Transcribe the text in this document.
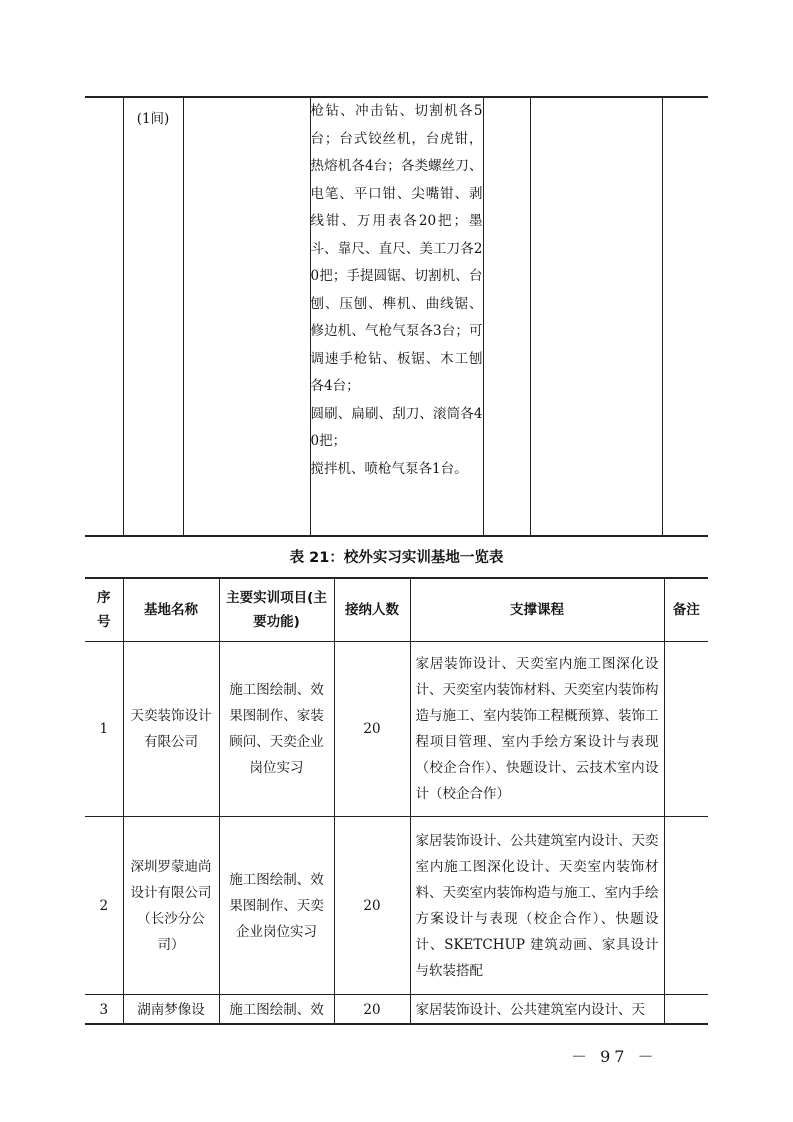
	(1间)		枪钻、冲击钻、切割机各5台；台式铰丝机，台虎钳，热熔机各4台；各类螺丝刀、电笔、平口钳、尖嘴钳、剥线钳、万用表各20把；墨斗、靠尺、直尺、美工刀各20把；手提圆锯、切割机、台刨、压刨、榫机、曲线锯、修边机、气枪气泵各3台；可调速手枪钻、板锯、木工刨各4台；

圆刷、扁刷、刮刀、滚筒各40把；

搅拌机、喷枪气泵各1台。

表 21：校外实习实训基地一览表
序号	基地名称	主要实训项目(主要功能)	接纳人数	支撑课程	备注
1	天奕装饰设计有限公司	施工图绘制、效果图制作、家装顾问、天奕企业岗位实习	20	家居装饰设计、天奕室内施工图深化设计、天奕室内装饰材料、天奕室内装饰构造与施工、室内装饰工程概预算、装饰工程项目管理、室内手绘方案设计与表现（校企合作）、快题设计、云技术室内设计（校企合作）	
2	深圳罗蒙迪尚设计有限公司（长沙分公司）	施工图绘制、效果图制作、天奕企业岗位实习	20	家居装饰设计、公共建筑室内设计、天奕室内施工图深化设计、天奕室内装饰材料、天奕室内装饰构造与施工、室内手绘方案设计与表现（校企合作）、快题设计、SKETCHUP 建筑动画、家具设计与软装搭配	
3	湖南梦像设	施工图绘制、效	20	家居装饰设计、公共建筑室内设计、天	
－ 97 －
